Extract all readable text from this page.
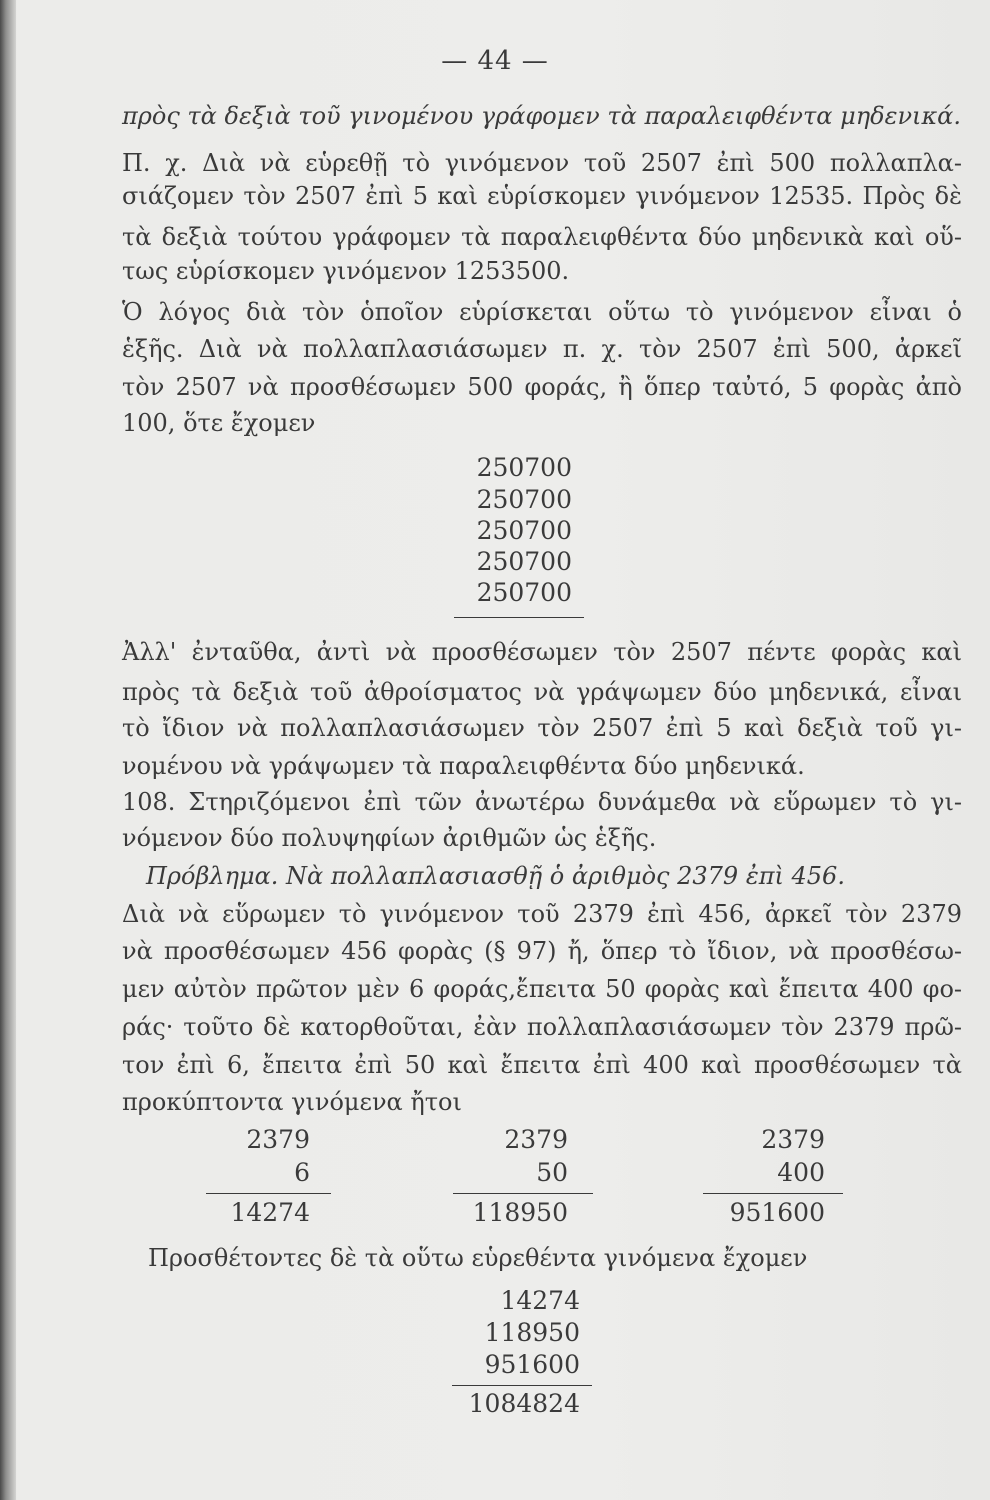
— 44 —
πρὸς τὰ δεξιὰ τοῦ γινομένου γράφομεν τὰ παραλειφθέντα μηδενικά.
Π. χ. Διὰ νὰ εὑρεθῇ τὸ γινόμενον τοῦ 2507 ἐπὶ 500 πολλαπλα-
σιάζομεν τὸν 2507 ἐπὶ 5 καὶ εὑρίσκομεν γινόμενον 12535. Πρὸς δὲ
τὰ δεξιὰ τούτου γράφομεν τὰ παραλειφθέντα δύο μηδενικὰ καὶ οὕ-
τως εὑρίσκομεν γινόμενον 1253500.
Ὁ λόγος διὰ τὸν ὁποῖον εὑρίσκεται οὕτω τὸ γινόμενον εἶναι ὁ
ἑξῆς. Διὰ νὰ πολλαπλασιάσωμεν π. χ. τὸν 2507 ἐπὶ 500, ἀρκεῖ
τὸν 2507 νὰ προσθέσωμεν 500 φοράς, ἢ ὅπερ ταὐτό, 5 φορὰς ἀπὸ
100, ὅτε ἔχομεν
250700
250700
250700
250700
250700
Ἀλλ' ἐνταῦθα, ἀντὶ νὰ προσθέσωμεν τὸν 2507 πέντε φορὰς καὶ
πρὸς τὰ δεξιὰ τοῦ ἀθροίσματος νὰ γράψωμεν δύο μηδενικά, εἶναι
τὸ ἴδιον νὰ πολλαπλασιάσωμεν τὸν 2507 ἐπὶ 5 καὶ δεξιὰ τοῦ γι-
νομένου νὰ γράψωμεν τὰ παραλειφθέντα δύο μηδενικά.
108. Στηριζόμενοι ἐπὶ τῶν ἀνωτέρω δυνάμεθα νὰ εὕρωμεν τὸ γι-
νόμενον δύο πολυψηφίων ἀριθμῶν ὡς ἑξῆς.
Πρόβλημα. Νὰ πολλαπλασιασθῇ ὁ ἀριθμὸς 2379 ἐπὶ 456.
Διὰ νὰ εὕρωμεν τὸ γινόμενον τοῦ 2379 ἐπὶ 456, ἀρκεῖ τὸν 2379
νὰ προσθέσωμεν 456 φορὰς (§ 97) ἤ, ὅπερ τὸ ἴδιον, νὰ προσθέσω-
μεν αὐτὸν πρῶτον μὲν 6 φοράς,ἔπειτα 50 φορὰς καὶ ἔπειτα 400 φο-
ράς· τοῦτο δὲ κατορθοῦται, ἐὰν πολλαπλασιάσωμεν τὸν 2379 πρῶ-
τον ἐπὶ 6, ἔπειτα ἐπὶ 50 καὶ ἔπειτα ἐπὶ 400 καὶ προσθέσωμεν τὰ
προκύπτοντα γινόμενα ἤτοι
2379
6
14274
2379
50
118950
2379
400
951600
Προσθέτοντες δὲ τὰ οὕτω εὑρεθέντα γινόμενα ἔχομεν
14274
118950
951600
1084824
